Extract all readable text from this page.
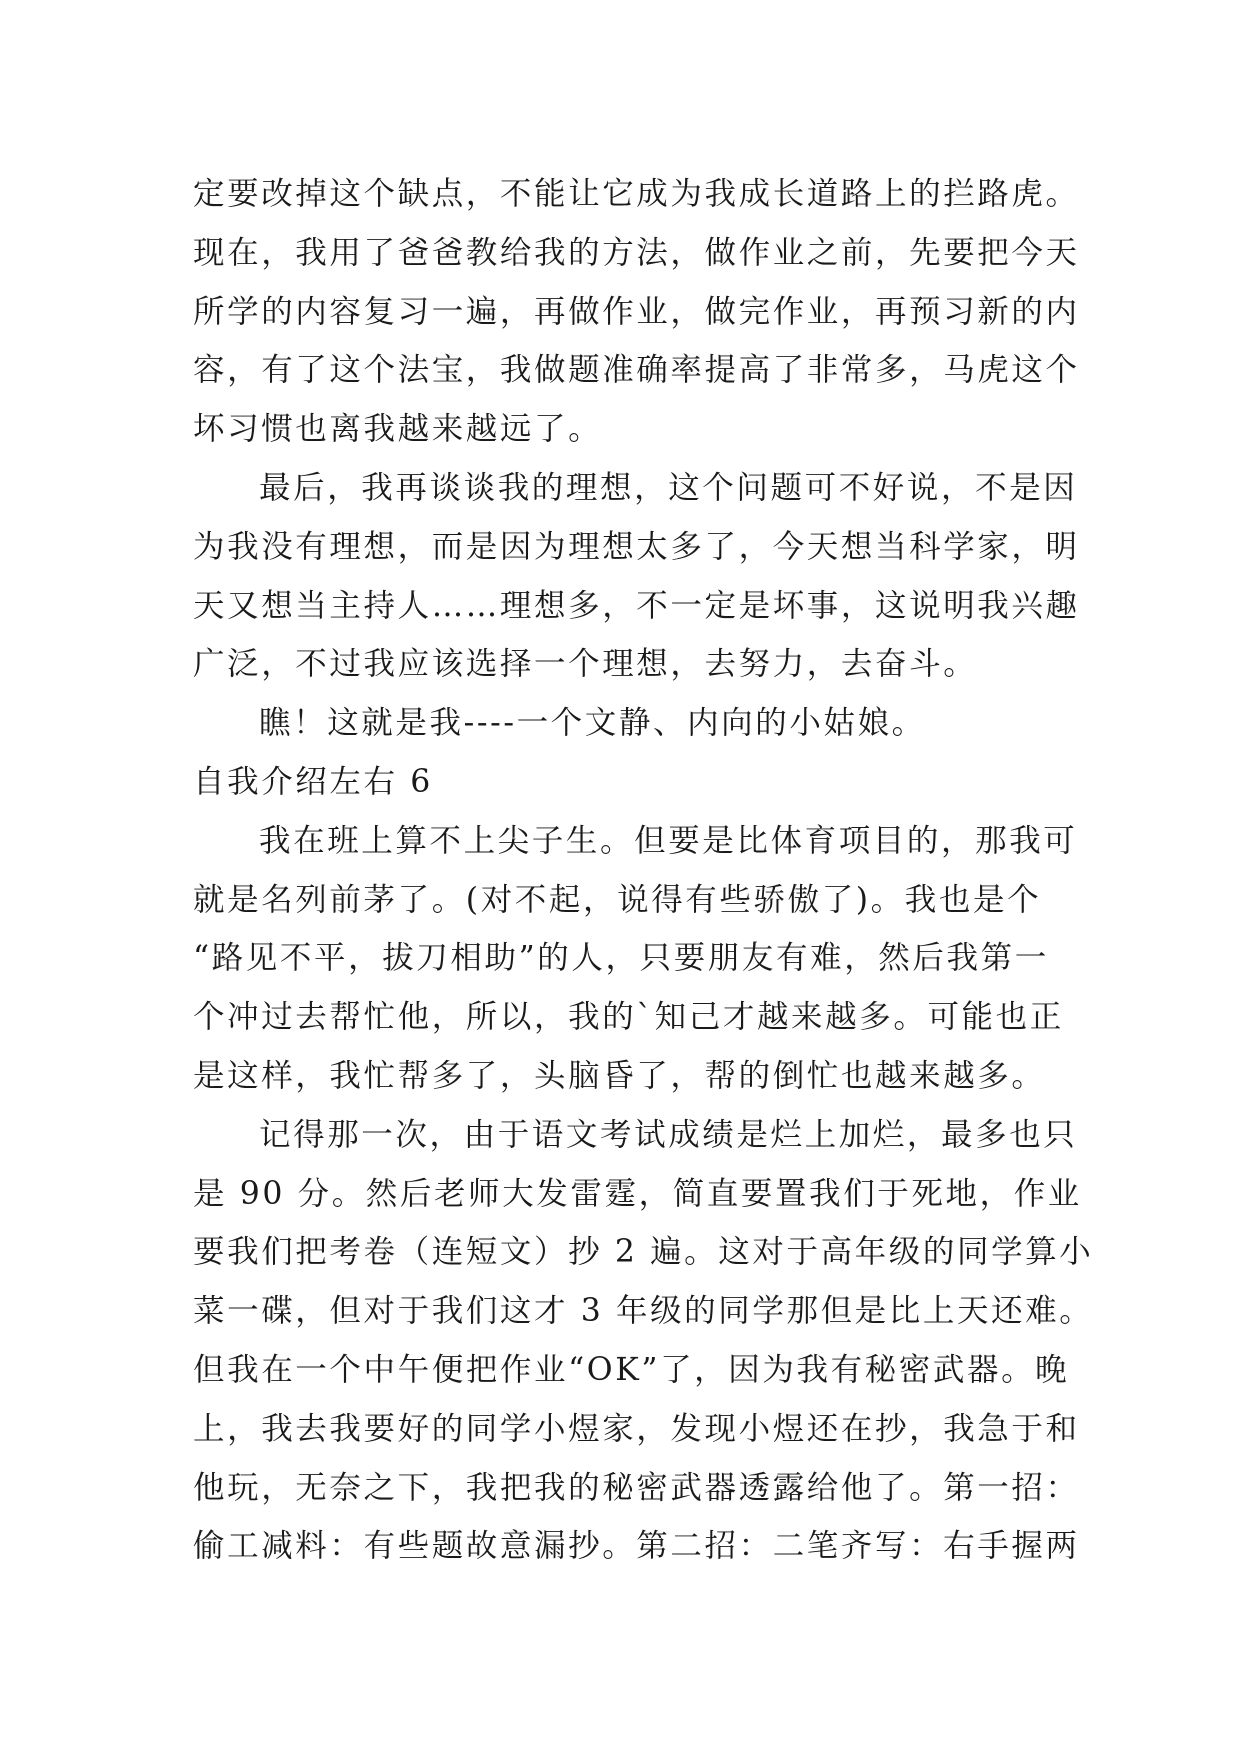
定要改掉这个缺点，不能让它成为我成长道路上的拦路虎。
现在，我用了爸爸教给我的方法，做作业之前，先要把今天
所学的内容复习一遍，再做作业，做完作业，再预习新的内
容，有了这个法宝，我做题准确率提高了非常多，马虎这个
坏习惯也离我越来越远了。
最后，我再谈谈我的理想，这个问题可不好说，不是因
为我没有理想，而是因为理想太多了，今天想当科学家，明
天又想当主持人……理想多，不一定是坏事，这说明我兴趣
广泛，不过我应该选择一个理想，去努力，去奋斗。
瞧！这就是我----一个文静、内向的小姑娘。
自我介绍左右 6
我在班上算不上尖子生。但要是比体育项目的，那我可
就是名列前茅了。(对不起，说得有些骄傲了)。我也是个
“路见不平，拔刀相助”的人，只要朋友有难，然后我第一
个冲过去帮忙他，所以，我的`知己才越来越多。可能也正
是这样，我忙帮多了，头脑昏了，帮的倒忙也越来越多。
记得那一次，由于语文考试成绩是烂上加烂，最多也只
是 90 分。然后老师大发雷霆，简直要置我们于死地，作业
要我们把考卷（连短文）抄 2 遍。这对于高年级的同学算小
菜一碟，但对于我们这才 3 年级的同学那但是比上天还难。
但我在一个中午便把作业“OK”了，因为我有秘密武器。晚
上，我去我要好的同学小煜家，发现小煜还在抄，我急于和
他玩，无奈之下，我把我的秘密武器透露给他了。第一招：
偷工减料：有些题故意漏抄。第二招：二笔齐写：右手握两
